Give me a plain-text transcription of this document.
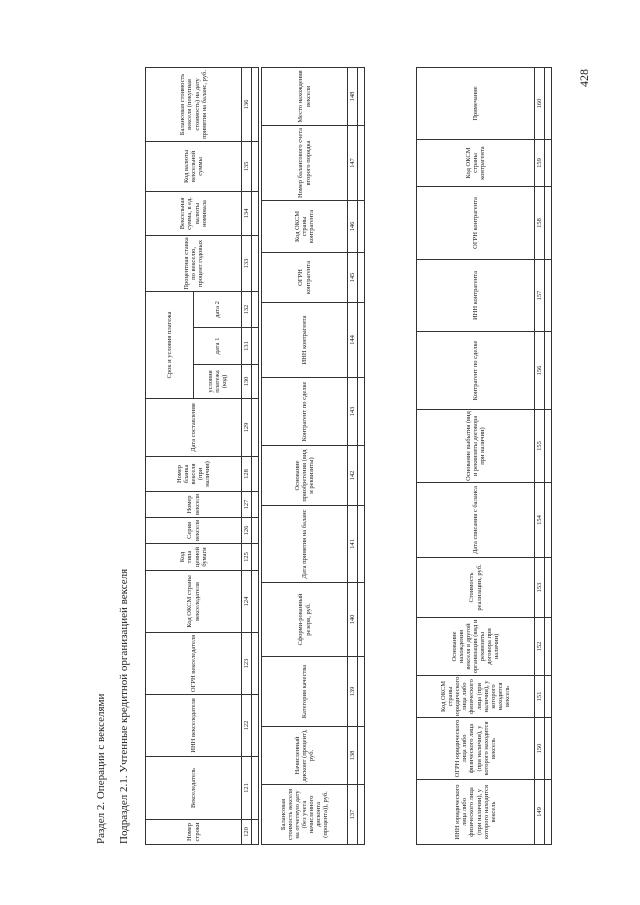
428
Раздел 2. Операции с векселями Подраздел 2.1. Учтенные кредитной организацией векселя	Номер строки	Векселедатель	ИНН векселедателя	ОГРН векселедателя	Код ОКСМ страны векселедателя	Код типа ценной бумаги	Серия векселя	Номер векселя	Номер бланка векселя (при наличии)	Дата составления	Срок и условия платежа			Процентная ставка по векселю, процент годовых	Вексельная сумма, в ед. валюты номинала	Код валюты вексельной суммы	Балансовая стоимость векселя (покупная стоимость) на дату принятия на баланс, руб.
										условия платежа (код)	дата 1	дата 2				
120	121	122	123	124	125	126	127	128	129	130	131	132	133	134	135	136

Балансовая стоимость векселя на отчетную дату (без учета начисленного дисконта (процента)), руб.	Начисленный дисконт (процент), руб.	Категория качества	Сформи-рованный резерв, руб.	Дата принятия на баланс	Основание приобретения (вид и реквизиты)	Контрагент по сделке	ИНН контрагента	ОГРН контрагента	Код ОКСМ страны контрагента	Номер балансового счета второго порядка	Место нахождения векселя
137	138	139	140	141	142	143	144	145	146	147	148

ИНН юридического лица либо физического лица (при наличии), у которого находится вексель	ОГРН юридического лица либо физического лица (при наличии), у которого находится вексель	Код ОКСМ страны юридического лица либо физического лица (при наличии), у которого находится вексель	Основание нахождения векселя в другой организации (вид и реквизиты договора при наличии)	Стоимость реализации, руб.	Дата списания с баланса	Основание выбытия (вид и реквизиты договора при наличии)	Контрагент по сделке	ИНН контрагента	ОГРН контрагента	Код ОКСМ страны контрагента	Примечание
149	150	151	152	153	154	155	156	157	158	159	160
